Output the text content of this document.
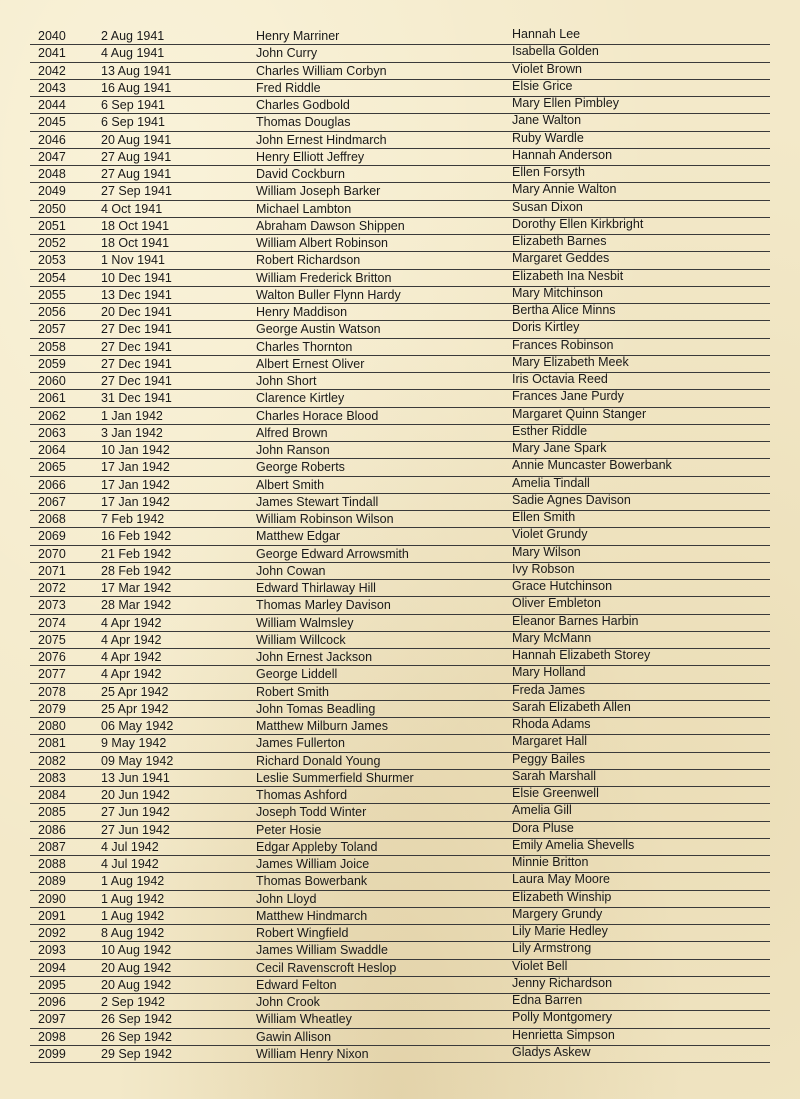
2040	2 Aug 1941	Henry Marriner	Hannah Lee
2041	4 Aug 1941	John Curry	Isabella Golden
2042	13 Aug 1941	Charles William Corbyn	Violet Brown
2043	16 Aug 1941	Fred Riddle	Elsie Grice
2044	6 Sep 1941	Charles Godbold	Mary Ellen Pimbley
2045	6 Sep 1941	Thomas Douglas	Jane Walton
2046	20 Aug 1941	John Ernest Hindmarch	Ruby Wardle
2047	27 Aug 1941	Henry Elliott Jeffrey	Hannah Anderson
2048	27 Aug 1941	David Cockburn	Ellen Forsyth
2049	27 Sep 1941	William Joseph Barker	Mary Annie Walton
2050	4 Oct 1941	Michael Lambton	Susan Dixon
2051	18 Oct 1941	Abraham Dawson Shippen	Dorothy Ellen Kirkbright
2052	18 Oct 1941	William Albert Robinson	Elizabeth Barnes
2053	1 Nov 1941	Robert Richardson	Margaret Geddes
2054	10 Dec 1941	William Frederick Britton	Elizabeth Ina Nesbit
2055	13 Dec 1941	Walton Buller Flynn Hardy	Mary Mitchinson
2056	20 Dec 1941	Henry Maddison	Bertha Alice Minns
2057	27 Dec 1941	George Austin Watson	Doris Kirtley
2058	27 Dec 1941	Charles Thornton	Frances Robinson
2059	27 Dec 1941	Albert Ernest Oliver	Mary Elizabeth Meek
2060	27 Dec 1941	John Short	Iris Octavia Reed
2061	31 Dec 1941	Clarence Kirtley	Frances Jane Purdy
2062	1 Jan 1942	Charles Horace Blood	Margaret Quinn Stanger
2063	3 Jan 1942	Alfred Brown	Esther Riddle
2064	10 Jan 1942	John Ranson	Mary Jane Spark
2065	17 Jan 1942	George Roberts	Annie Muncaster Bowerbank
2066	17 Jan 1942	Albert Smith	Amelia Tindall
2067	17 Jan 1942	James Stewart Tindall	Sadie Agnes Davison
2068	7 Feb 1942	William Robinson Wilson	Ellen Smith
2069	16 Feb 1942	Matthew Edgar	Violet Grundy
2070	21 Feb 1942	George Edward Arrowsmith	Mary Wilson
2071	28 Feb 1942	John Cowan	Ivy Robson
2072	17 Mar 1942	Edward Thirlaway Hill	Grace Hutchinson
2073	28 Mar 1942	Thomas Marley Davison	Oliver Embleton
2074	4 Apr 1942	William Walmsley	Eleanor Barnes Harbin
2075	4 Apr 1942	William Willcock	Mary McMann
2076	4 Apr 1942	John Ernest Jackson	Hannah Elizabeth Storey
2077	4 Apr 1942	George Liddell	Mary Holland
2078	25 Apr 1942	Robert Smith	Freda James
2079	25 Apr 1942	John Tomas Beadling	Sarah Elizabeth Allen
2080	06 May 1942	Matthew Milburn James	Rhoda Adams
2081	9 May 1942	James Fullerton	Margaret Hall
2082	09 May 1942	Richard Donald Young	Peggy Bailes
2083	13 Jun 1941	Leslie Summerfield Shurmer	Sarah Marshall
2084	20 Jun 1942	Thomas Ashford	Elsie Greenwell
2085	27 Jun 1942	Joseph Todd Winter	Amelia Gill
2086	27 Jun 1942	Peter Hosie	Dora Pluse
2087	4 Jul 1942	Edgar Appleby Toland	Emily Amelia Shevells
2088	4 Jul 1942	James William Joice	Minnie Britton
2089	1 Aug 1942	Thomas Bowerbank	Laura May Moore
2090	1 Aug 1942	John Lloyd	Elizabeth Winship
2091	1 Aug 1942	Matthew Hindmarch	Margery Grundy
2092	8 Aug 1942	Robert Wingfield	Lily Marie Hedley
2093	10 Aug 1942	James William Swaddle	Lily Armstrong
2094	20 Aug 1942	Cecil Ravenscroft Heslop	Violet Bell
2095	20 Aug 1942	Edward Felton	Jenny Richardson
2096	2 Sep 1942	John Crook	Edna Barren
2097	26 Sep 1942	William Wheatley	Polly Montgomery
2098	26 Sep 1942	Gawin Allison	Henrietta Simpson
2099	29 Sep 1942	William Henry Nixon	Gladys Askew
